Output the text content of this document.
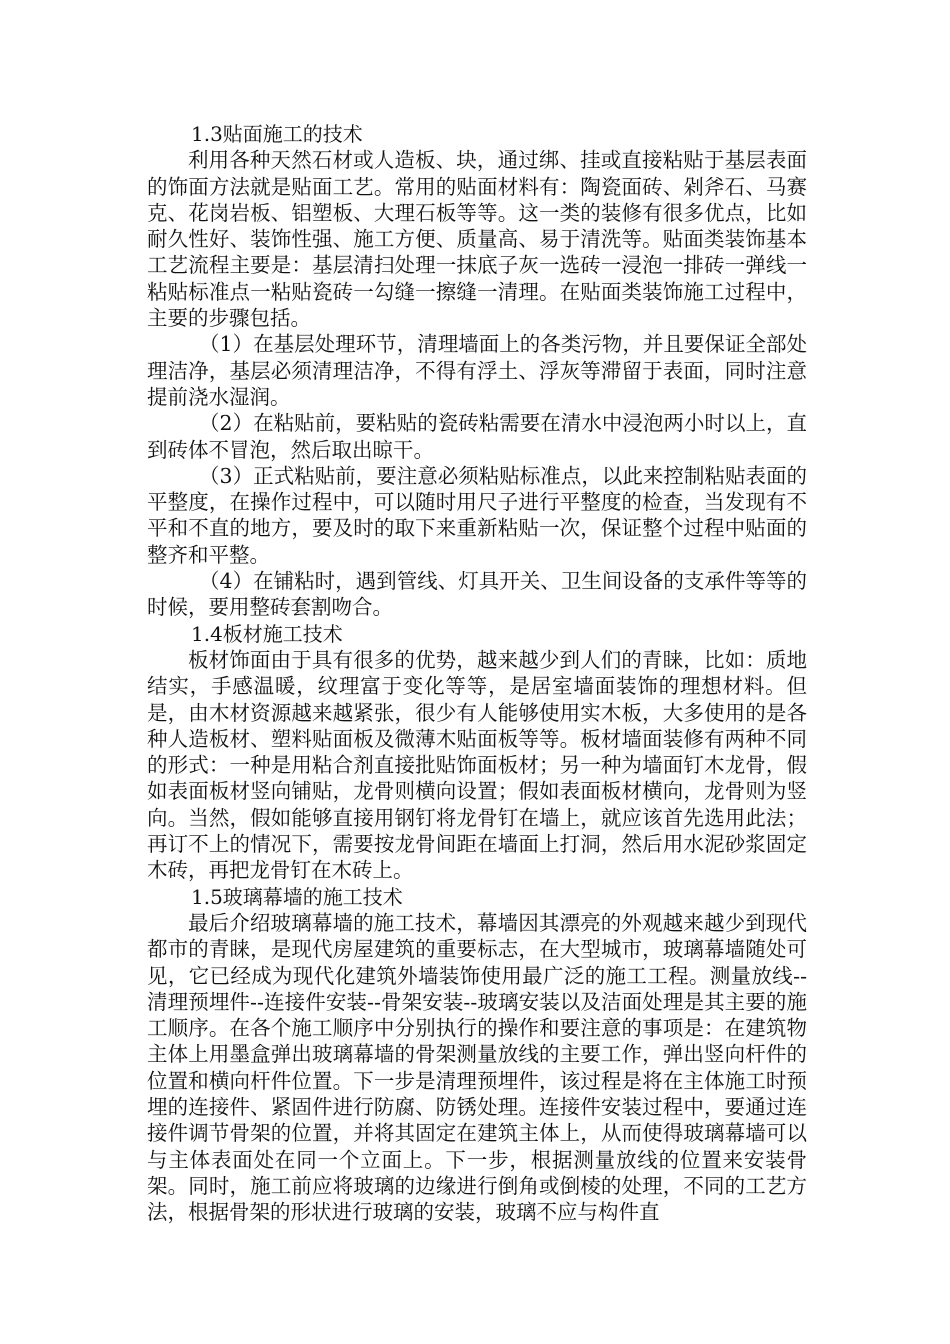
1.3贴面施工的技术

利用各种天然石材或人造板、块，通过绑、挂或直接粘贴于基层表面的饰面方法就是贴面工艺。常用的贴面材料有：陶瓷面砖、剁斧石、马赛克、花岗岩板、铝塑板、大理石板等等。这一类的装修有很多优点，比如耐久性好、装饰性强、施工方便、质量高、易于清洗等。贴面类装饰基本工艺流程主要是：基层清扫处理一抹底子灰一选砖一浸泡一排砖一弹线一粘贴标准点一粘贴瓷砖一勾缝一擦缝一清理。在贴面类装饰施工过程中，主要的步骤包括。

（1）在基层处理环节，清理墙面上的各类污物，并且要保证全部处理洁净，基层必须清理洁净，不得有浮土、浮灰等滞留于表面，同时注意提前浇水湿润。

（2）在粘贴前，要粘贴的瓷砖粘需要在清水中浸泡两小时以上，直到砖体不冒泡，然后取出晾干。

（3）正式粘贴前，要注意必须粘贴标准点，以此来控制粘贴表面的平整度，在操作过程中，可以随时用尺子进行平整度的检查，当发现有不平和不直的地方，要及时的取下来重新粘贴一次，保证整个过程中贴面的整齐和平整。

（4）在铺粘时，遇到管线、灯具开关、卫生间设备的支承件等等的时候，要用整砖套割吻合。

1.4板材施工技术

板材饰面由于具有很多的优势，越来越少到人们的青睐，比如：质地结实，手感温暖，纹理富于变化等等，是居室墙面装饰的理想材料。但是，由木材资源越来越紧张，很少有人能够使用实木板，大多使用的是各种人造板材、塑料贴面板及微薄木贴面板等等。板材墙面装修有两种不同的形式：一种是用粘合剂直接批贴饰面板材；另一种为墙面钉木龙骨，假如表面板材竖向铺贴，龙骨则横向设置；假如表面板材横向，龙骨则为竖向。当然，假如能够直接用钢钉将龙骨钉在墙上，就应该首先选用此法；再订不上的情况下，需要按龙骨间距在墙面上打洞，然后用水泥砂浆固定木砖，再把龙骨钉在木砖上。

1.5玻璃幕墙的施工技术

最后介绍玻璃幕墙的施工技术，幕墙因其漂亮的外观越来越少到现代都市的青睐，是现代房屋建筑的重要标志，在大型城市，玻璃幕墙随处可见，它已经成为现代化建筑外墙装饰使用最广泛的施工工程。测量放线--清理预埋件--连接件安装--骨架安装--玻璃安装以及洁面处理是其主要的施工顺序。在各个施工顺序中分别执行的操作和要注意的事项是：在建筑物主体上用墨盒弹出玻璃幕墙的骨架测量放线的主要工作，弹出竖向杆件的位置和横向杆件位置。下一步是清理预埋件，该过程是将在主体施工时预埋的连接件、紧固件进行防腐、防锈处理。连接件安装过程中，要通过连接件调节骨架的位置，并将其固定在建筑主体上，从而使得玻璃幕墙可以与主体表面处在同一个立面上。下一步，根据测量放线的位置来安装骨架。同时，施工前应将玻璃的边缘进行倒角或倒棱的处理，不同的工艺方法，根据骨架的形状进行玻璃的安装，玻璃不应与构件直
